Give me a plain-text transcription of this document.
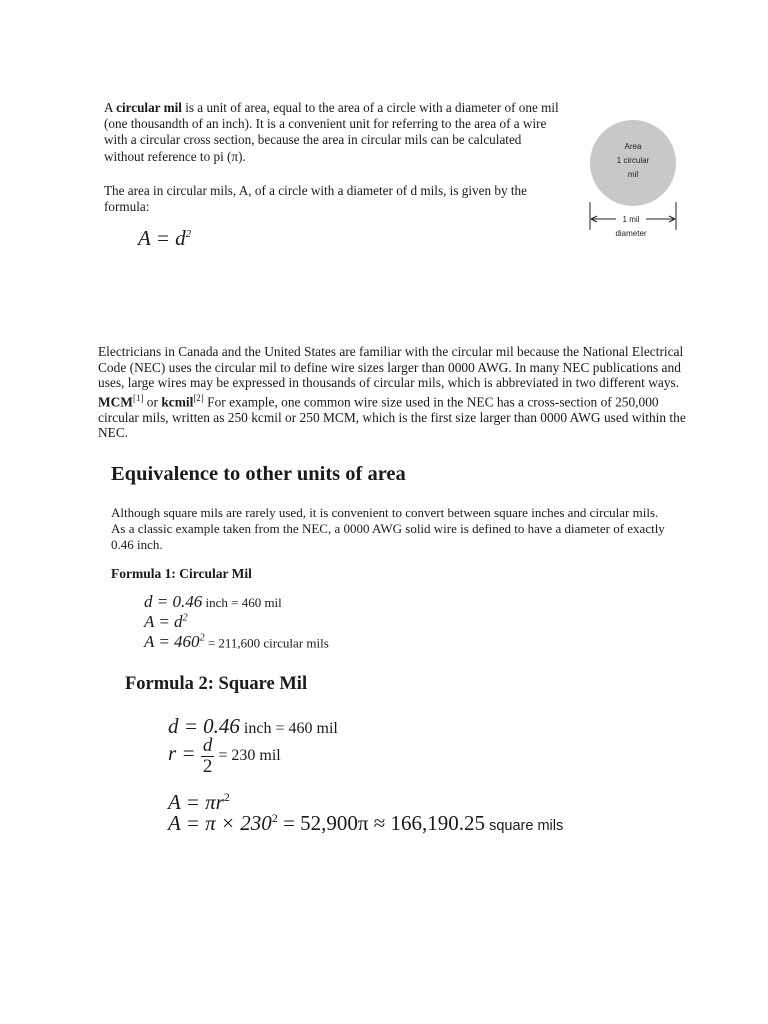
A circular mil is a unit of area, equal to the area of a circle with a diameter of one mil (one thousandth of an inch). It is a convenient unit for referring to the area of a wire with a circular cross section, because the area in circular mils can be calculated without reference to pi (π).
The area in circular mils, A, of a circle with a diameter of d mils, is given by the formula:
$A = d^2$
Area
1 circular
mil
1 mil
diameter
Electricians in Canada and the United States are familiar with the circular mil because the National Electrical Code (NEC) uses the circular mil to define wire sizes larger than 0000 AWG. In many NEC publications and uses, large wires may be expressed in thousands of circular mils, which is abbreviated in two different ways. MCM[1] or kcmil[2] For example, one common wire size used in the NEC has a cross-section of 250,000 circular mils, written as 250 kcmil or 250 MCM, which is the first size larger than 0000 AWG used within the NEC.
Equivalence to other units of area
Although square mils are rarely used, it is convenient to convert between square inches and circular mils. As a classic example taken from the NEC, a 0000 AWG solid wire is defined to have a diameter of exactly 0.46 inch.
Formula 1: Circular Mil
d = 0.46 inch = 460 mil
$A = d^2$
$A = 460^2 = 211,600$ circular mils
Formula 2: Square Mil
d = 0.46 inch = 460 mil
$r = \frac{d}{2} = 230$ mil
$A = \pi r^2$
$A = \pi \times 230^2 = 52,900\pi \approx 166,190.25$ square mils
